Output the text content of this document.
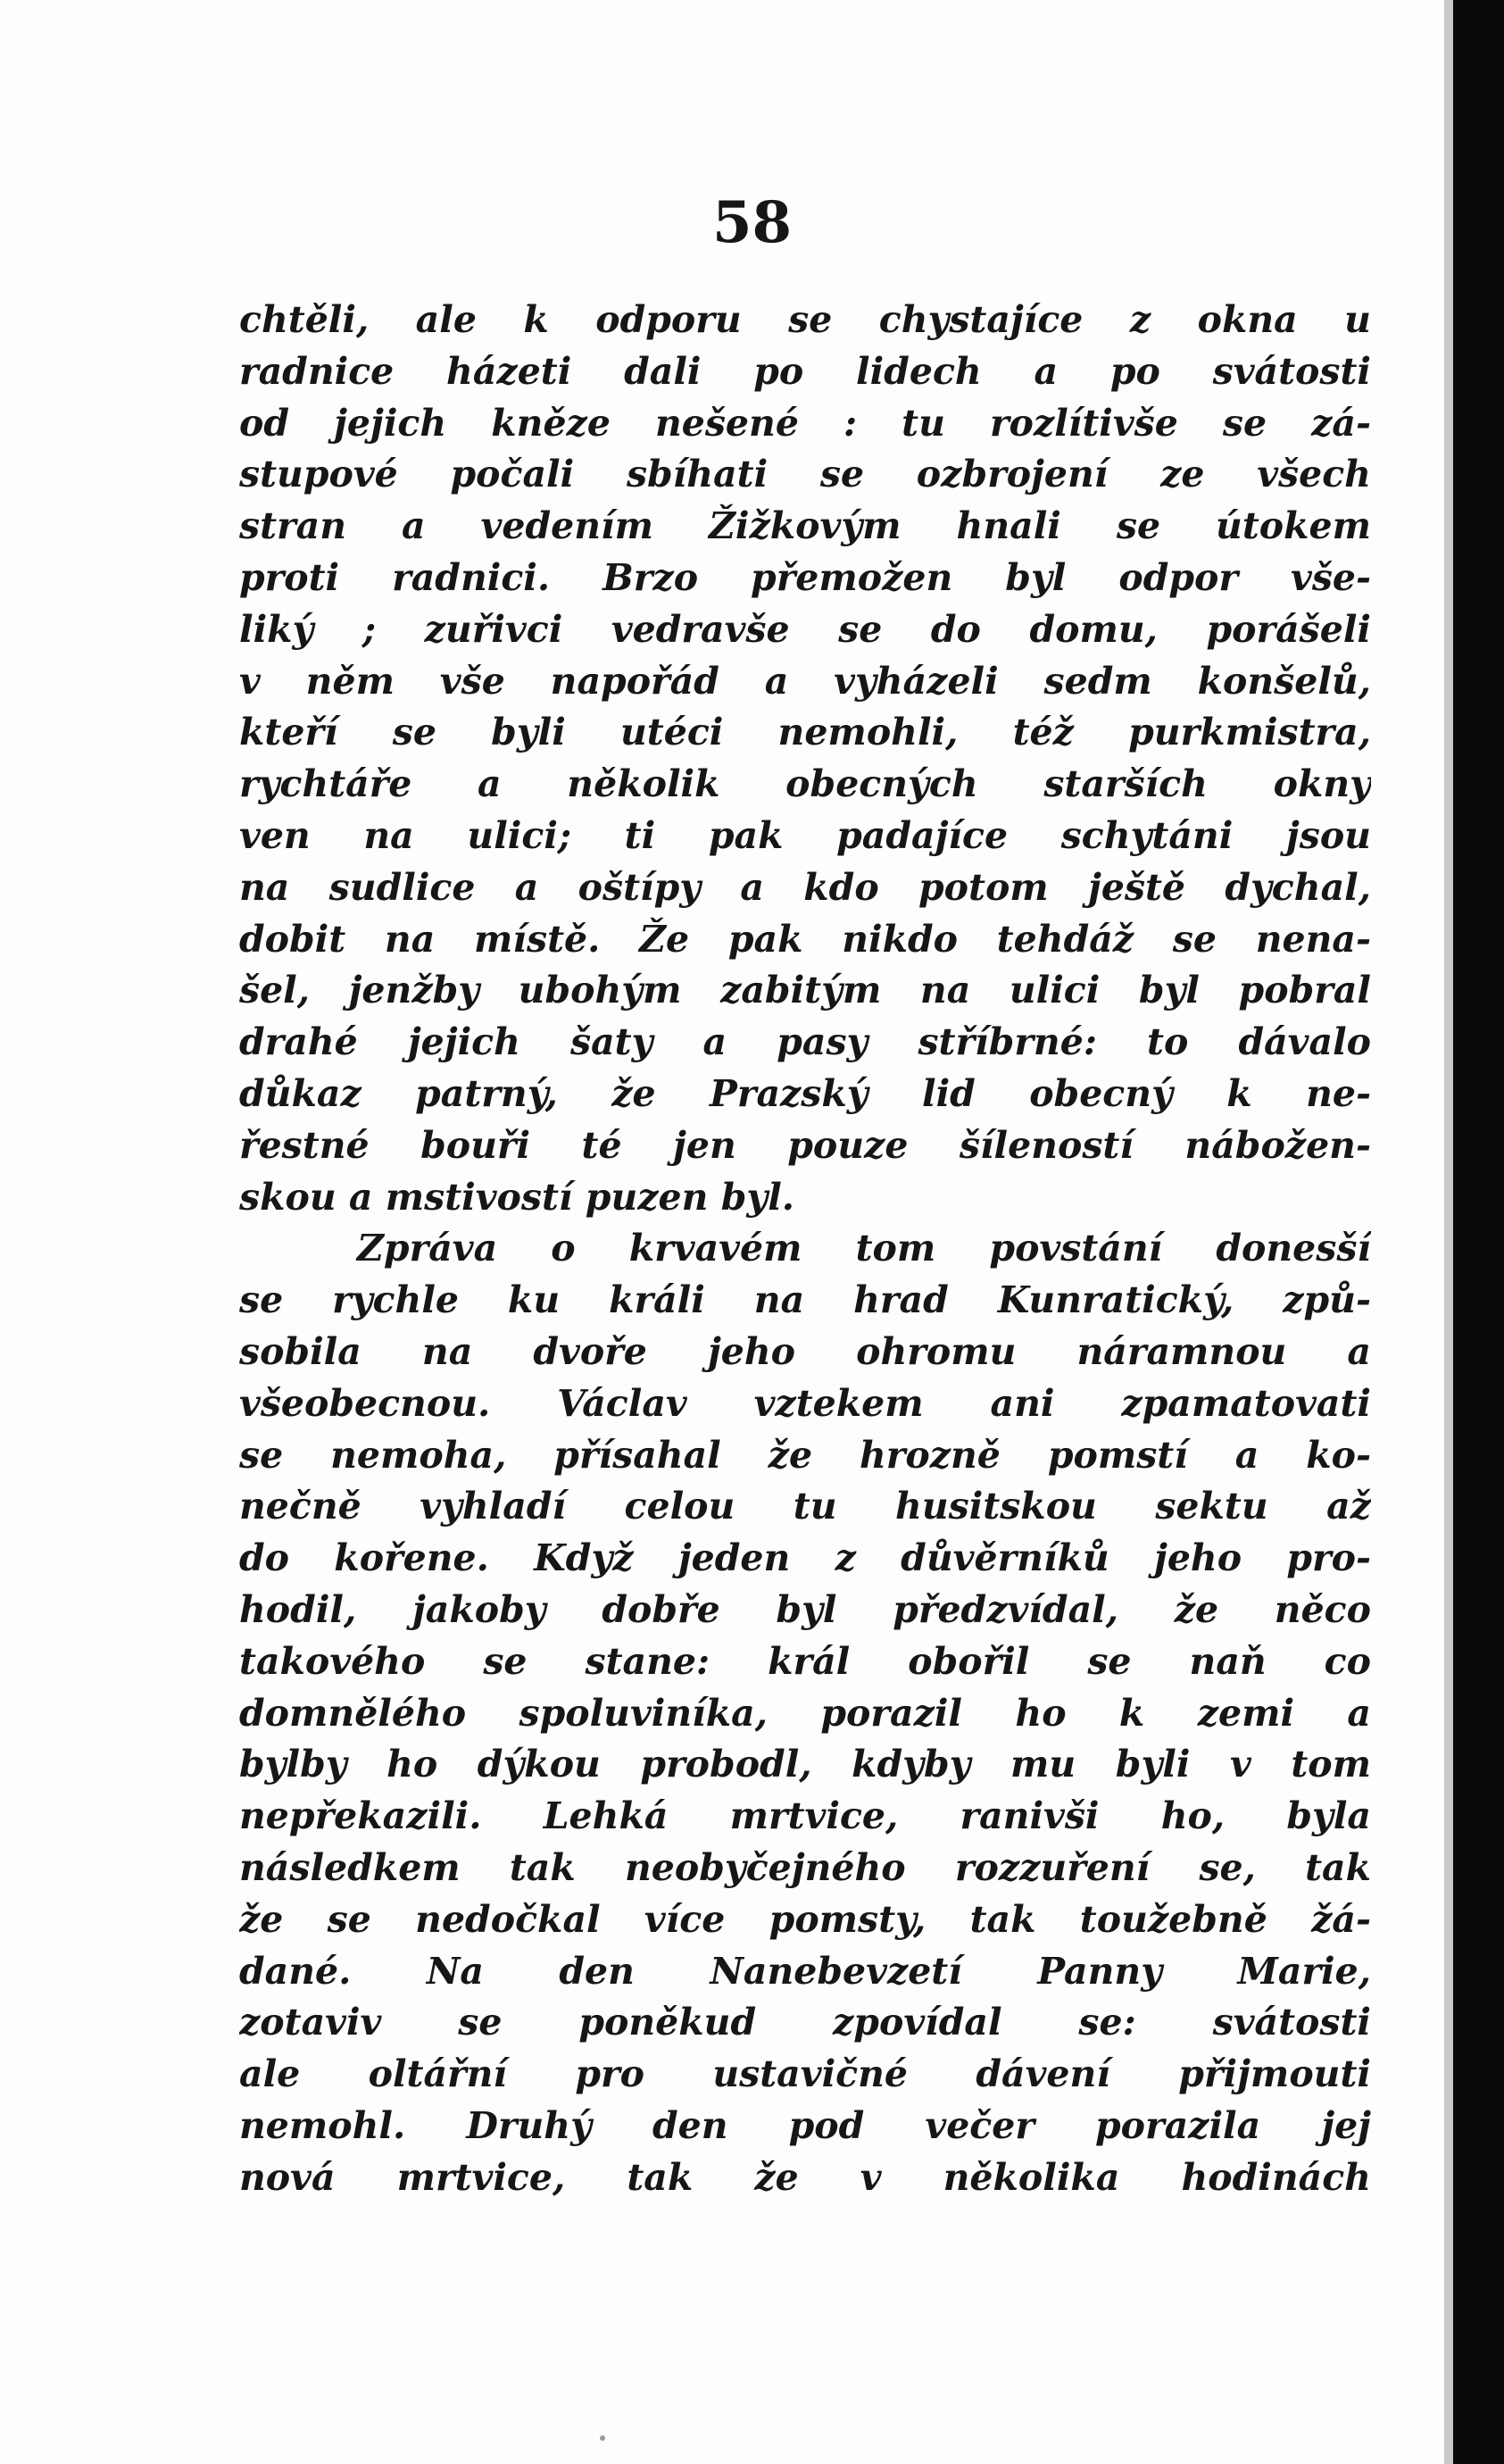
58
chtěli, ale k odporu se chystajíce z okna u
radnice házeti dali po lidech a po svátosti
od jejich kněze nešené : tu rozlítivše se zá-
stupové počali sbíhati se ozbrojení ze všech
stran a vedením Žižkovým hnali se útokem
proti radnici. Brzo přemožen byl odpor vše-
liký ; zuřivci vedravše se do domu, porášeli
v něm vše napořád a vyházeli sedm konšelů,
kteří se byli utéci nemohli, též purkmistra,
rychtáře a několik obecných starších okny
ven na ulici; ti pak padajíce schytáni jsou
na sudlice a oštípy a kdo potom ještě dychal,
dobit na místě. Že pak nikdo tehdáž se nena-
šel, jenžby ubohým zabitým na ulici byl pobral
drahé jejich šaty a pasy stříbrné: to dávalo
důkaz patrný, že Prazský lid obecný k ne-
řestné bouři té jen pouze šíleností nábožen-
skou a mstivostí puzen byl.
Zpráva o krvavém tom povstání donesší
se rychle ku králi na hrad Kunratický, způ-
sobila na dvoře jeho ohromu náramnou a
všeobecnou. Václav vztekem ani zpamatovati
se nemoha, přísahal že hrozně pomstí a ko-
nečně vyhladí celou tu husitskou sektu až
do kořene. Když jeden z důvěrníků jeho pro-
hodil, jakoby dobře byl předzvídal, že něco
takového se stane: král obořil se naň co
domnělého spoluviníka, porazil ho k zemi a
bylby ho dýkou probodl, kdyby mu byli v tom
nepřekazili. Lehká mrtvice, ranivši ho, byla
následkem tak neobyčejného rozzuření se, tak
že se nedočkal více pomsty, tak toužebně žá-
dané. Na den Nanebevzetí Panny Marie,
zotaviv se poněkud zpovídal se: svátosti
ale oltářní pro ustavičné dávení přijmouti
nemohl. Druhý den pod večer porazila jej
nová mrtvice, tak že v několika hodinách
